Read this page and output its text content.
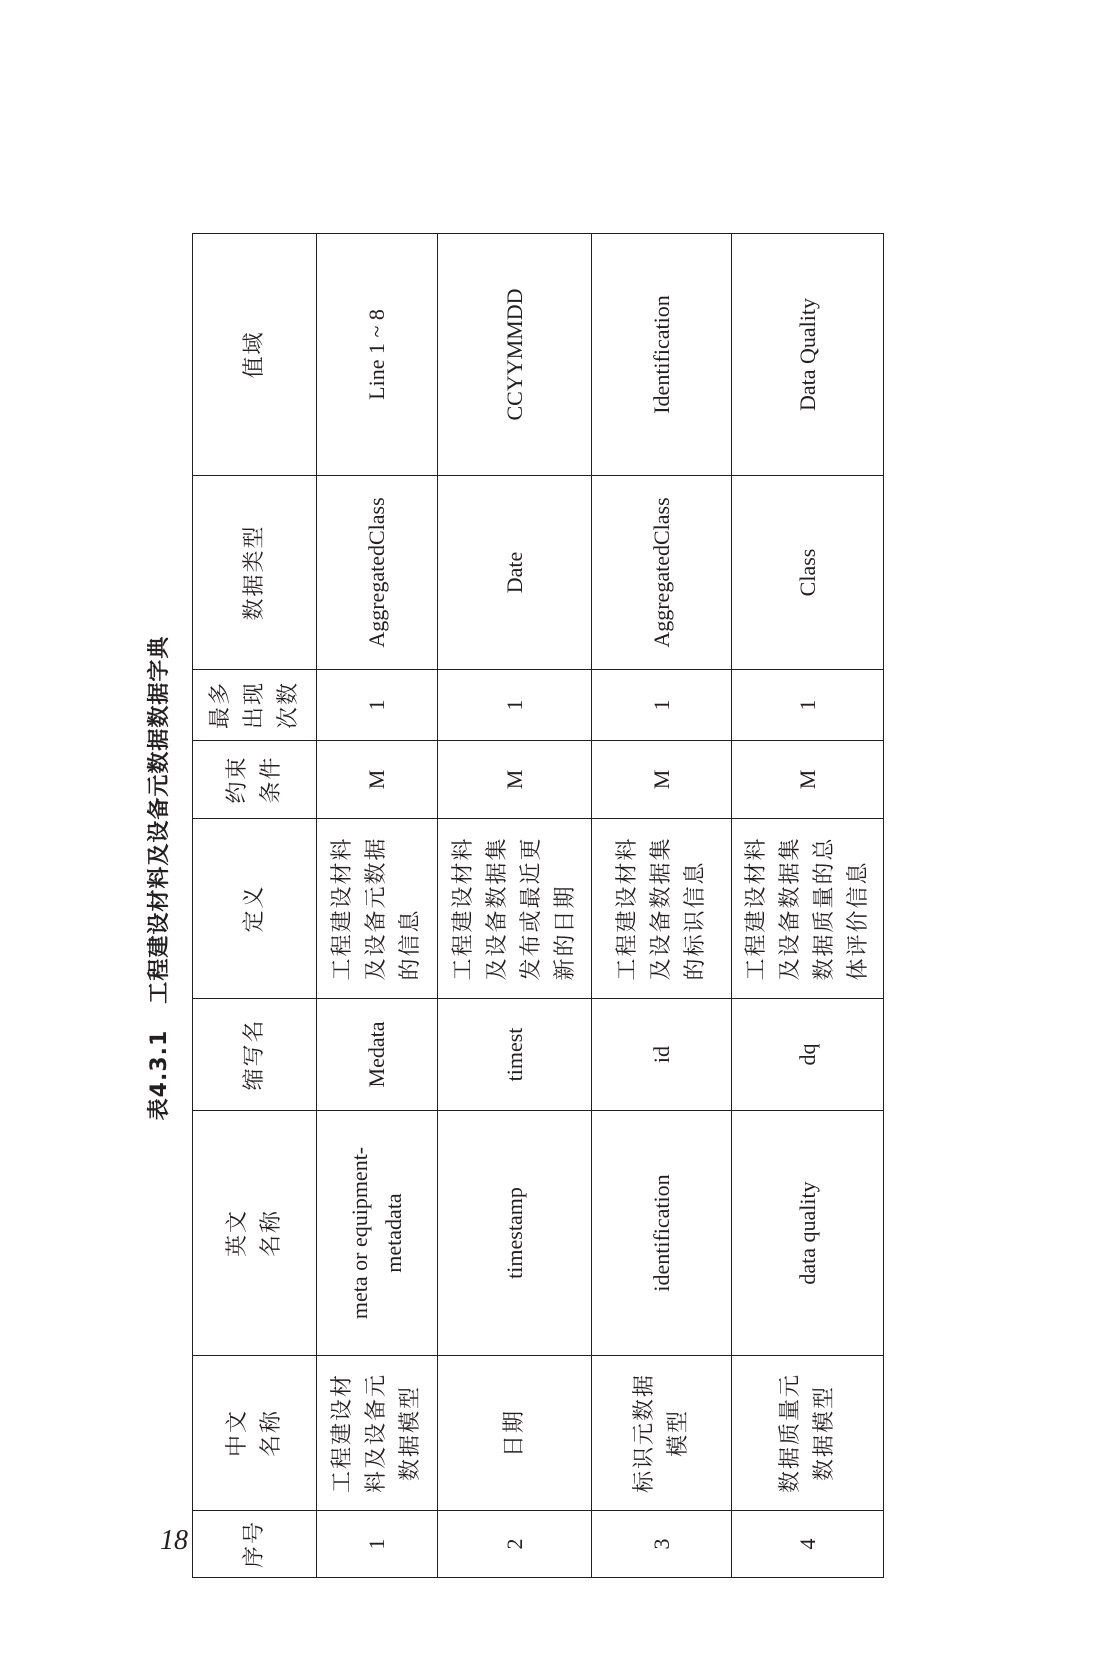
18
表4.3.1工程建设材料及设备元数据数据字典
序号	中文 名称	英文 名称	缩写名	定义	约束 条件	最多 出现 次数	数据类型	值域
1	工程建设材 料及设备元 数据模型	meta or equipment- metadata	Medata	工程建设材料 及设备元数据 的信息	M	1	AggregatedClass	Line 1 ~ 8
2	日期	timestamp	timest	工程建设材料 及设备数据集 发布或最近更 新的日期	M	1	Date	CCYYMMDD
3	标识元数据 模型	identification	id	工程建设材料 及设备数据集 的标识信息	M	1	AggregatedClass	Identification
4	数据质量元 数据模型	data quality	dq	工程建设材料 及设备数据集 数据质量的总 体评价信息	M	1	Class	Data Quality
